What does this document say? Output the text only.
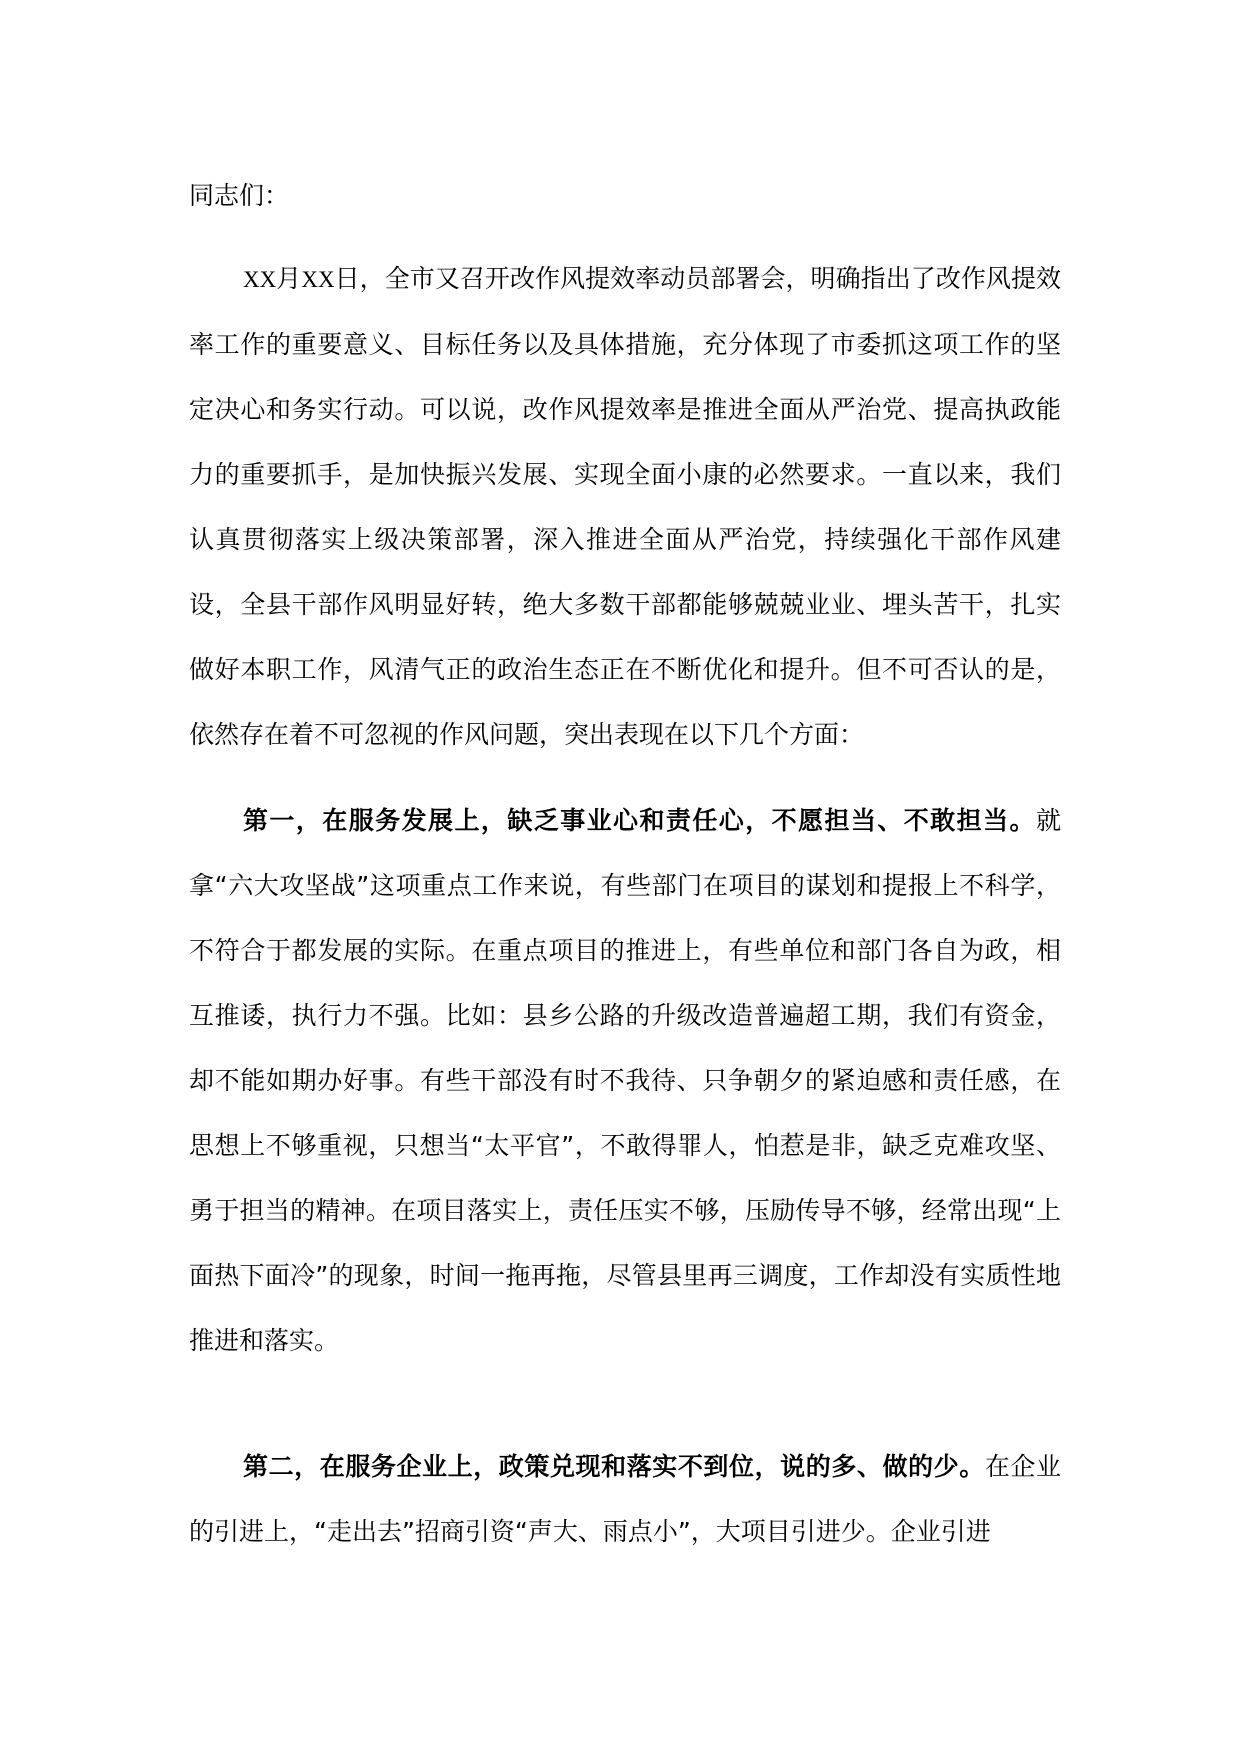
同志们：

XX月XX日，全市又召开改作风提效率动员部署会，明确指出了改作风提效率工作的重要意义、目标任务以及具体措施，充分体现了市委抓这项工作的坚定决心和务实行动。可以说，改作风提效率是推进全面从严治党、提高执政能力的重要抓手，是加快振兴发展、实现全面小康的必然要求。一直以来，我们认真贯彻落实上级决策部署，深入推进全面从严治党，持续强化干部作风建设，全县干部作风明显好转，绝大多数干部都能够兢兢业业、埋头苦干，扎实做好本职工作，风清气正的政治生态正在不断优化和提升。但不可否认的是，依然存在着不可忽视的作风问题，突出表现在以下几个方面：

第一，在服务发展上，缺乏事业心和责任心，不愿担当、不敢担当。就拿“六大攻坚战”这项重点工作来说，有些部门在项目的谋划和提报上不科学，不符合于都发展的实际。在重点项目的推进上，有些单位和部门各自为政，相互推诿，执行力不强。比如：县乡公路的升级改造普遍超工期，我们有资金，却不能如期办好事。有些干部没有时不我待、只争朝夕的紧迫感和责任感，在思想上不够重视，只想当“太平官”，不敢得罪人，怕惹是非，缺乏克难攻坚、勇于担当的精神。在项目落实上，责任压实不够，压励传导不够，经常出现“上面热下面冷”的现象，时间一拖再拖，尽管县里再三调度，工作却没有实质性地推进和落实。

第二，在服务企业上，政策兑现和落实不到位，说的多、做的少。在企业的引进上，“走出去”招商引资“声大、雨点小”，大项目引进少。企业引进
